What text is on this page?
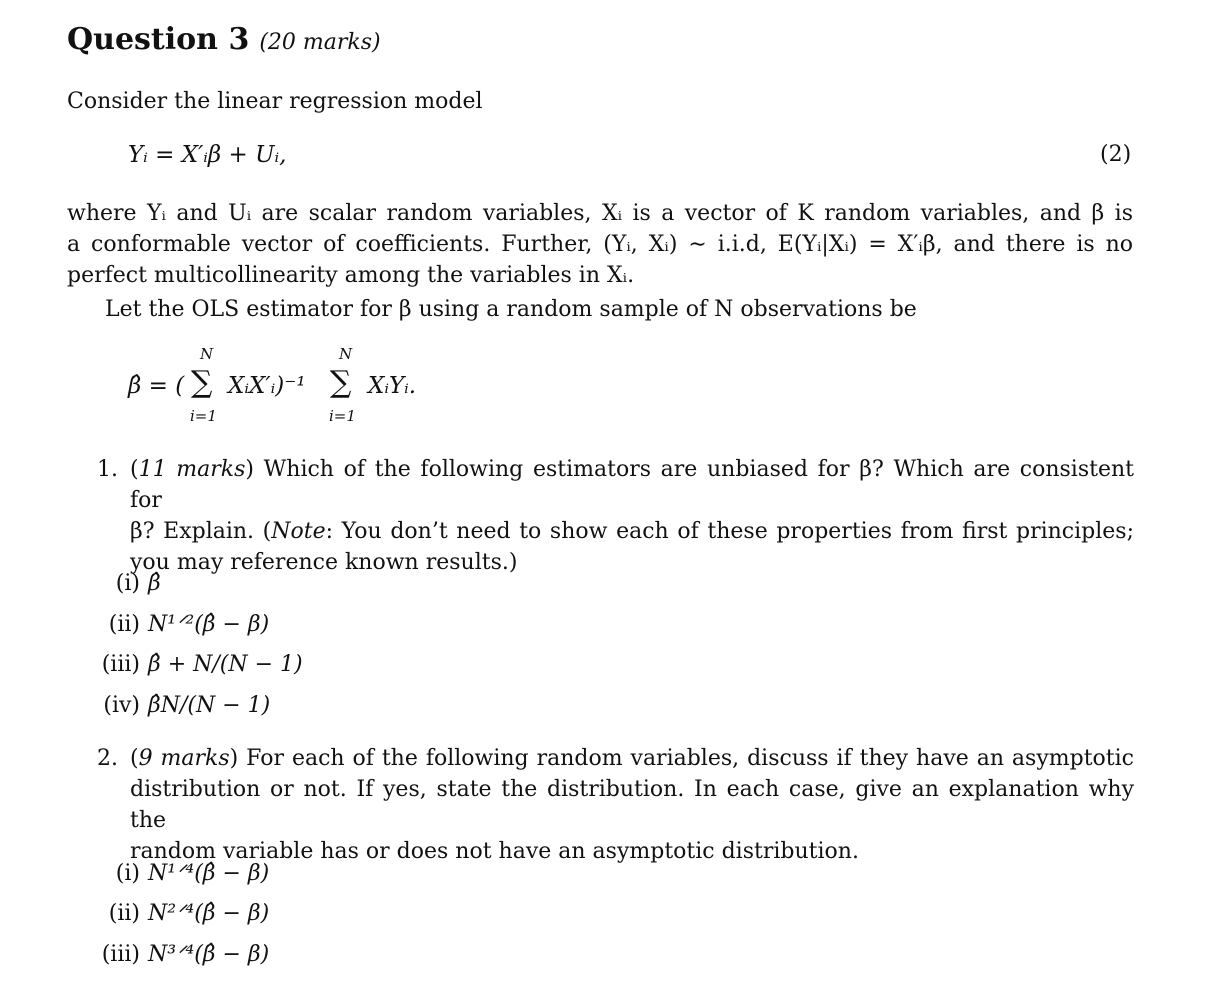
Question 3 (20 marks)
Consider the linear regression model
Yᵢ = X′ᵢβ + Uᵢ,	(2)
where Yᵢ and Uᵢ are scalar random variables, Xᵢ is a vector of K random variables, and β is
a conformable vector of coefficients. Further, (Yᵢ, Xᵢ) ∼ i.i.d, E(Yᵢ|Xᵢ) = X′ᵢβ, and there is no
perfect multicollinearity among the variables in Xᵢ.
Let the OLS estimator for β using a random sample of N observations be
β̂ = (
N
∑
i=1
XᵢX′ᵢ)⁻¹
N
∑
i=1
XᵢYᵢ.
1. (11 marks) Which of the following estimators are unbiased for β? Which are consistent for
β? Explain. (Note: You don’t need to show each of these properties from first principles;
you may reference known results.)
(i) β̂
(ii) N¹ᐟ²(β̂ − β)
(iii) β̂ + N/(N − 1)
(iv) β̂N/(N − 1)
2. (9 marks) For each of the following random variables, discuss if they have an asymptotic
distribution or not. If yes, state the distribution. In each case, give an explanation why the
random variable has or does not have an asymptotic distribution.
(i) N¹ᐟ⁴(β̂ − β)
(ii) N²ᐟ⁴(β̂ − β)
(iii) N³ᐟ⁴(β̂ − β)
